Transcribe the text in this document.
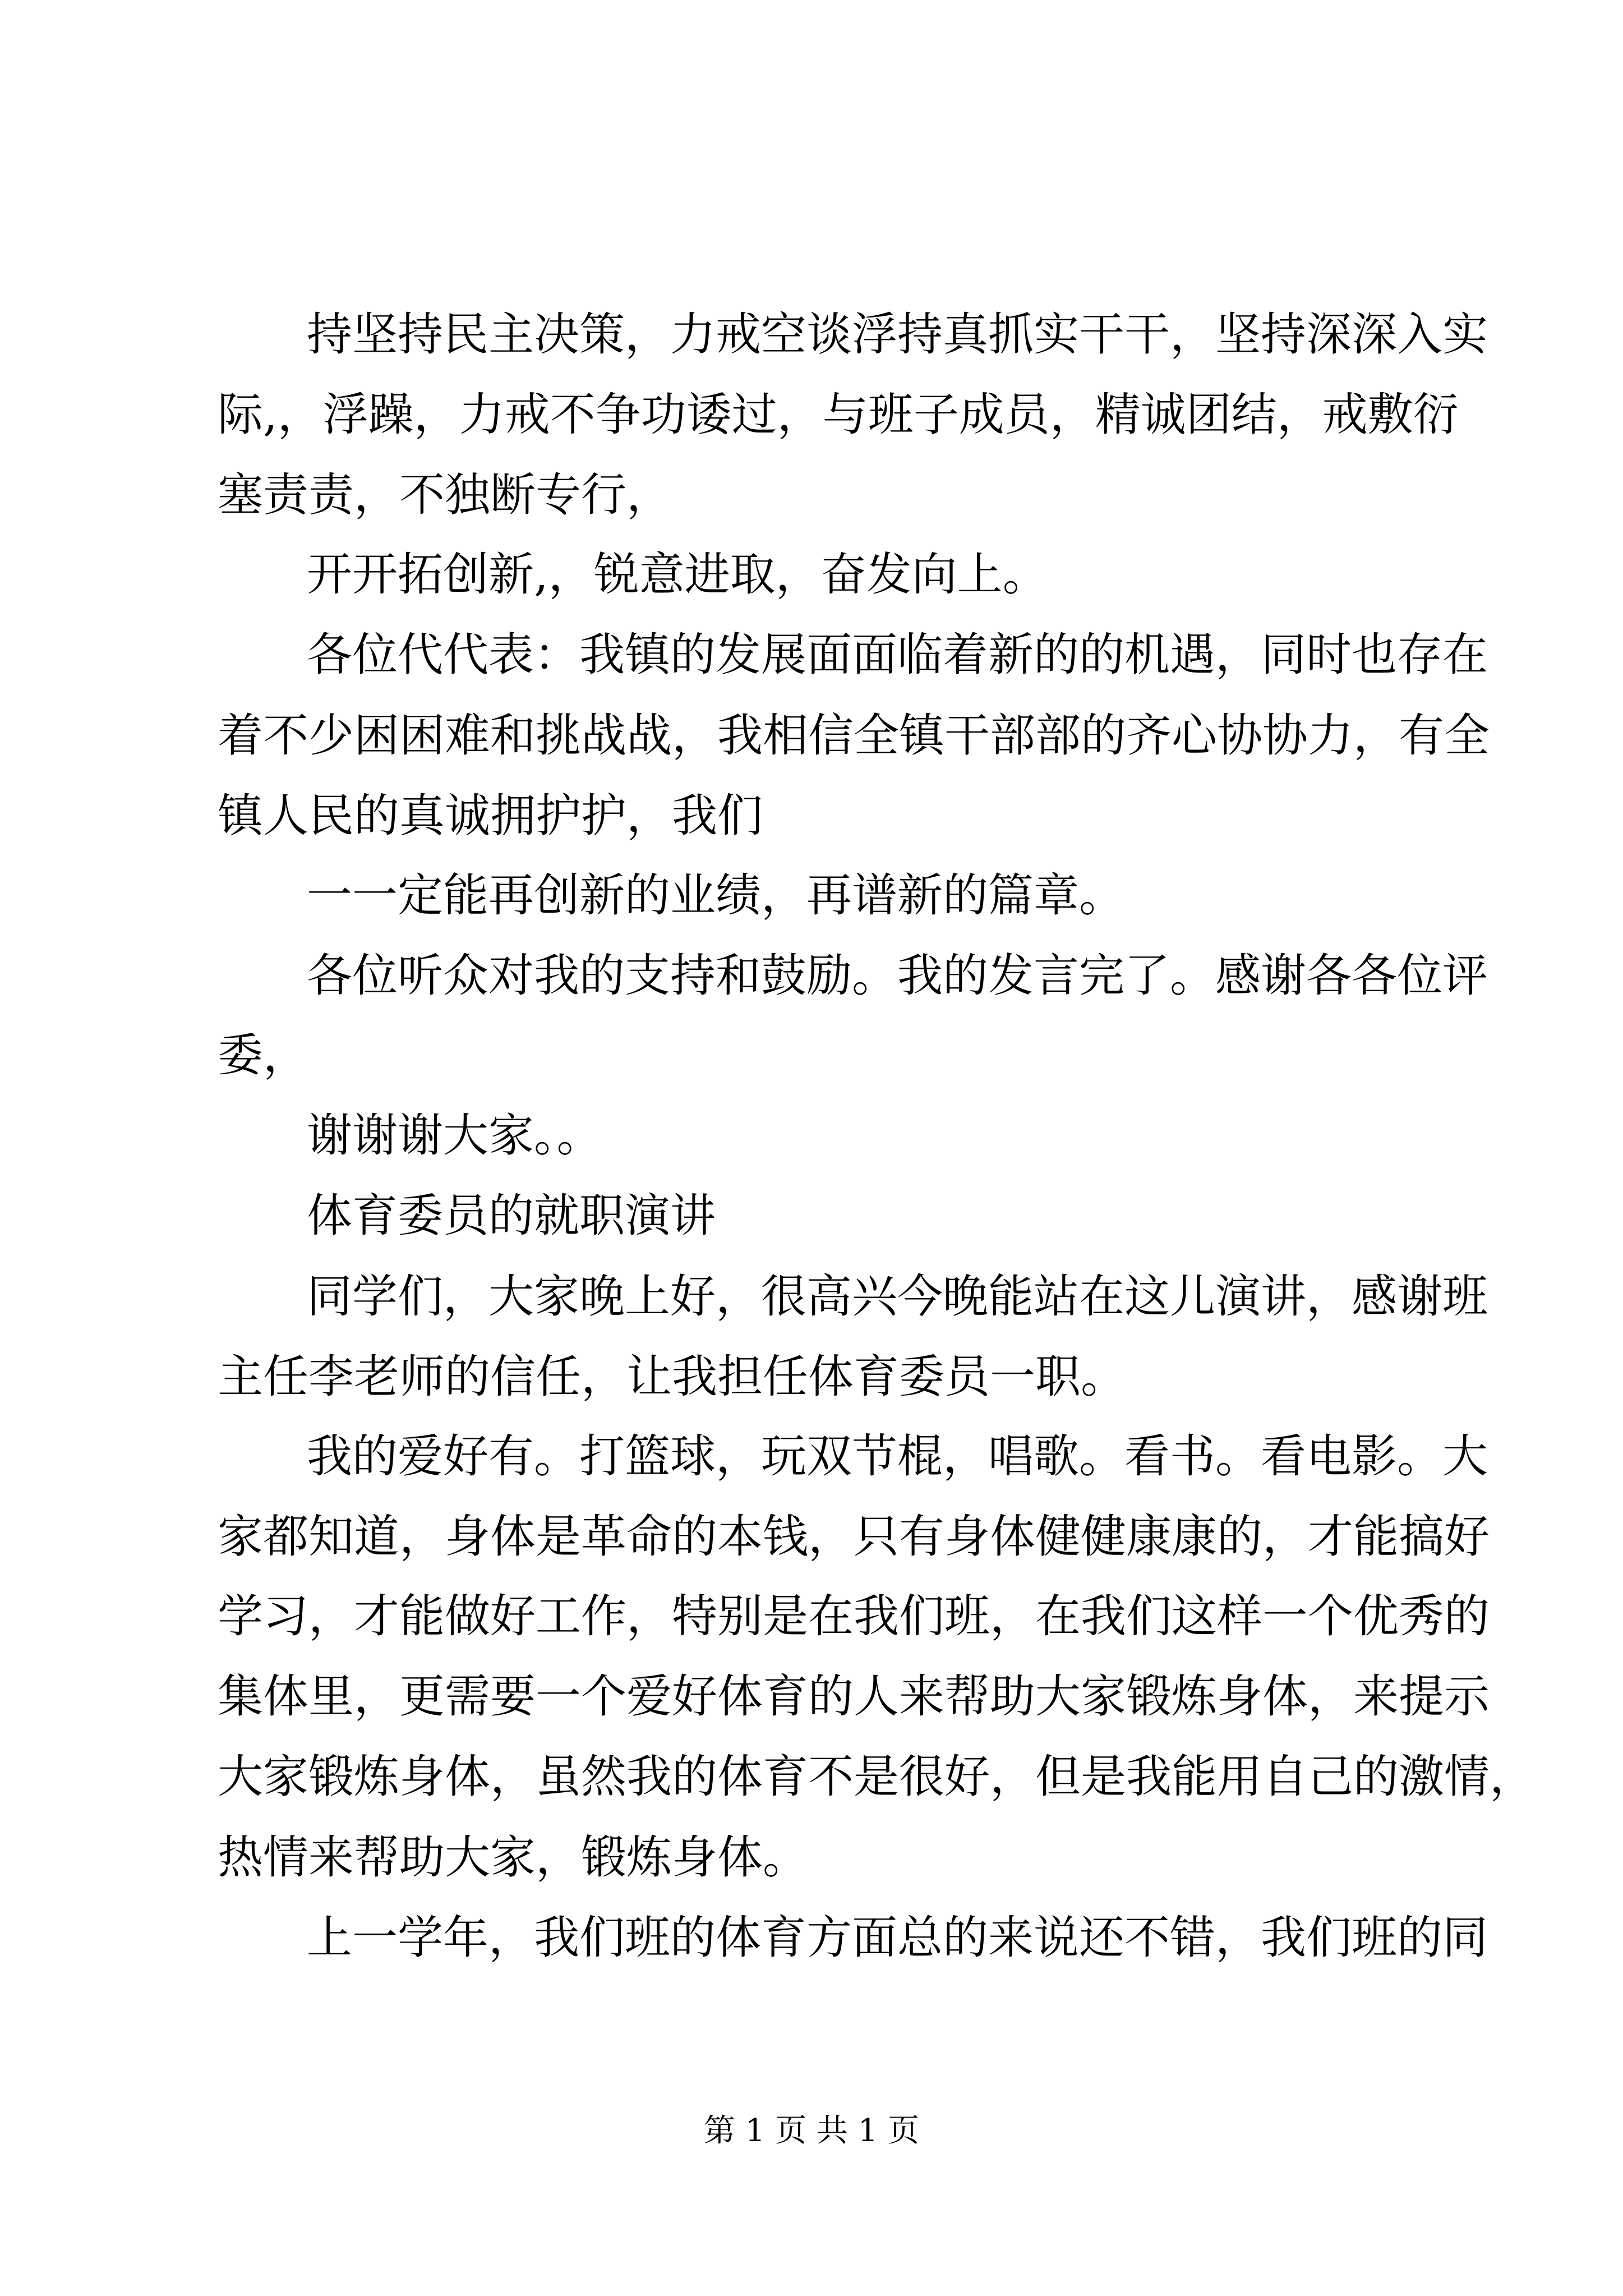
持坚持民主决策，力戒空谈浮持真抓实干干，坚持深深入实

际,，浮躁，力戒不争功诿过，与班子成员，精诚团结，戒敷衍

塞责责，不独断专行，

开开拓创新,，锐意进取，奋发向上。

各位代代表：我镇的发展面面临着新的的机遇，同时也存在

着不少困困难和挑战战，我相信全镇干部部的齐心协协力，有全

镇人民的真诚拥护护，我们

一一定能再创新的业绩，再谱新的篇章。

各位听众对我的支持和鼓励。我的发言完了。感谢各各位评

委，

谢谢谢大家。。

体育委员的就职演讲

同学们，大家晚上好，很高兴今晚能站在这儿演讲，感谢班

主任李老师的信任，让我担任体育委员一职。

我的爱好有。打篮球，玩双节棍，唱歌。看书。看电影。大

家都知道，身体是革命的本钱，只有身体健健康康的，才能搞好

学习，才能做好工作，特别是在我们班，在我们这样一个优秀的

集体里，更需要一个爱好体育的人来帮助大家锻炼身体，来提示

大家锻炼身体，虽然我的体育不是很好，但是我能用自己的激情，

热情来帮助大家，锻炼身体。

上一学年，我们班的体育方面总的来说还不错，我们班的同

第 1 页 共 1 页
